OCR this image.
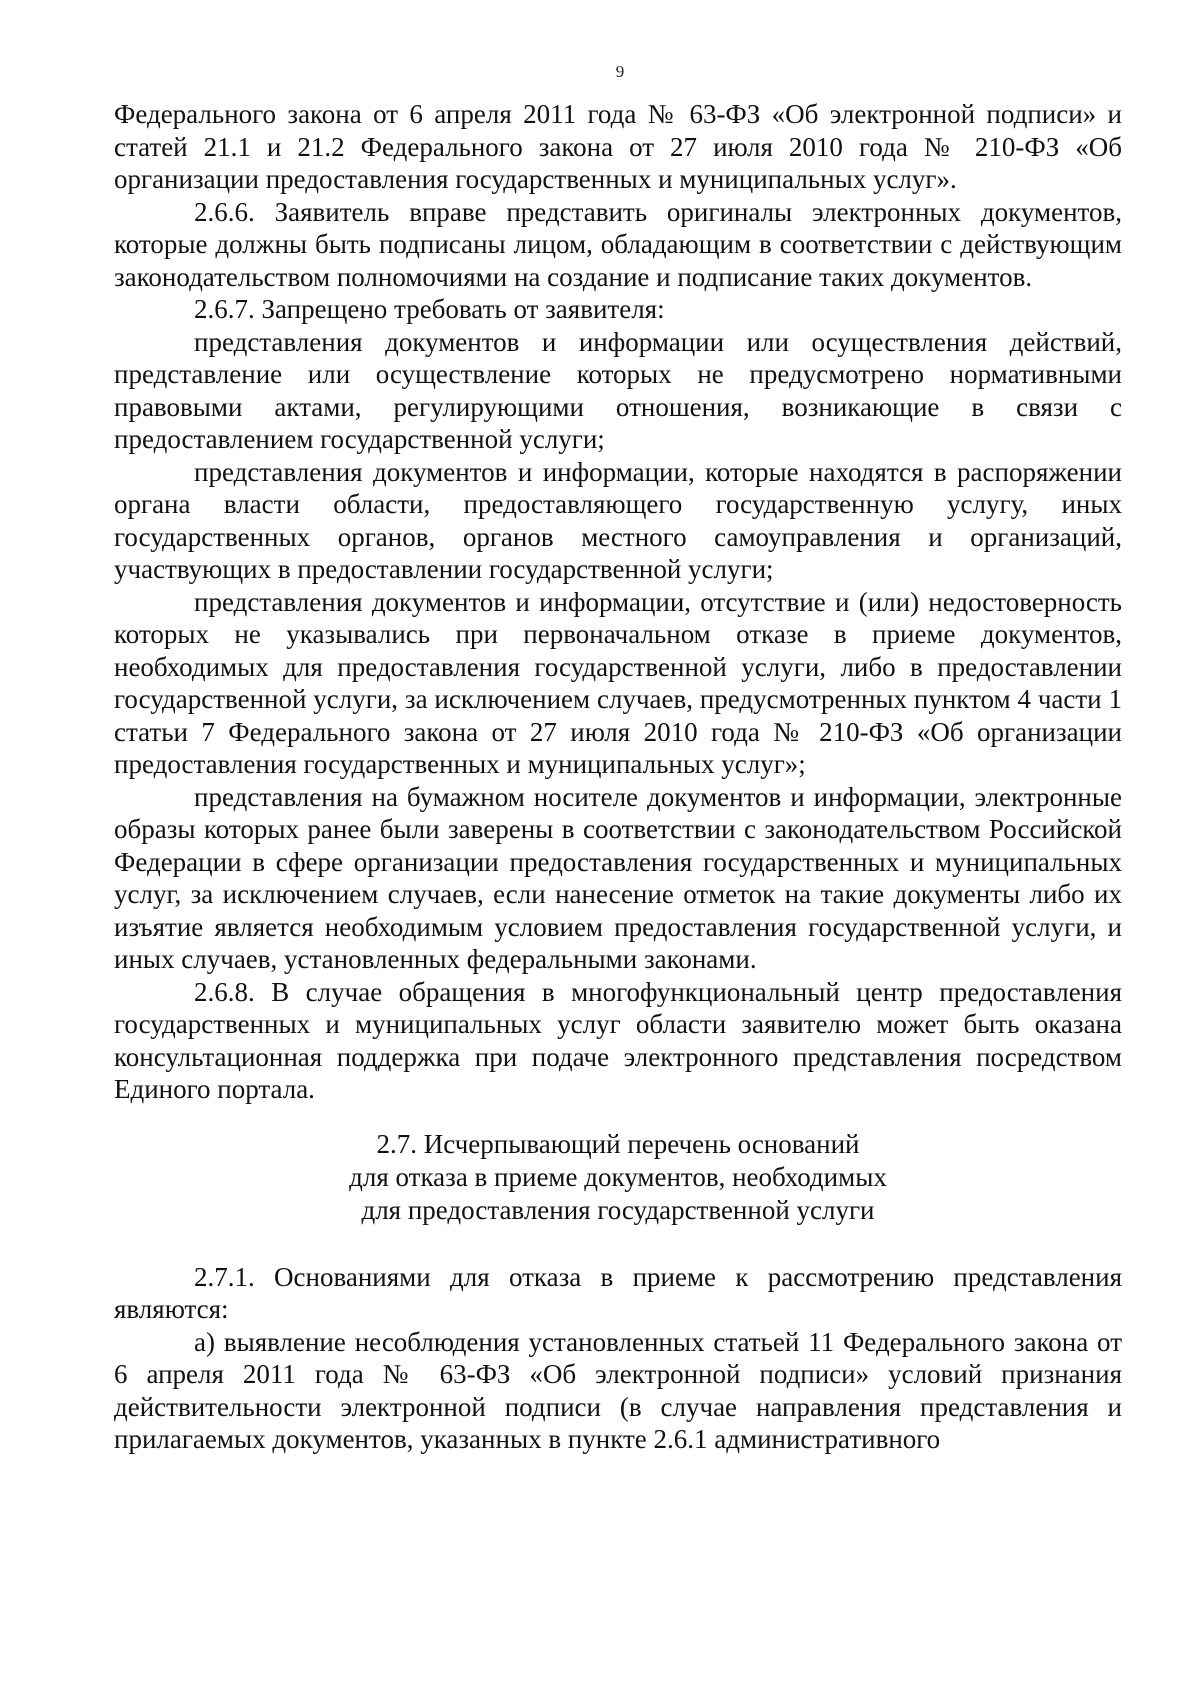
9

Федерального закона от 6 апреля 2011 года № 63-ФЗ «Об электронной подписи» и статей 21.1 и 21.2 Федерального закона от 27 июля 2010 года № 210-ФЗ «Об организации предоставления государственных и муниципальных услуг».

2.6.6. Заявитель вправе представить оригиналы электронных документов, которые должны быть подписаны лицом, обладающим в соответствии с действующим законодательством полномочиями на создание и подписание таких документов.

2.6.7. Запрещено требовать от заявителя:

представления документов и информации или осуществления действий, представление или осуществление которых не предусмотрено нормативными правовыми актами, регулирующими отношения, возникающие в связи с предоставлением государственной услуги;

представления документов и информации, которые находятся в распоряжении органа власти области, предоставляющего государственную услугу, иных государственных органов, органов местного самоуправления и организаций, участвующих в предоставлении государственной услуги;

представления документов и информации, отсутствие и (или) недостоверность которых не указывались при первоначальном отказе в приеме документов, необходимых для предоставления государственной услуги, либо в предоставлении государственной услуги, за исключением случаев, предусмотренных пунктом 4 части 1 статьи 7 Федерального закона от 27 июля 2010 года № 210-ФЗ «Об организации предоставления государственных и муниципальных услуг»;

представления на бумажном носителе документов и информации, электронные образы которых ранее были заверены в соответствии с законодательством Российской Федерации в сфере организации предоставления государственных и муниципальных услуг, за исключением случаев, если нанесение отметок на такие документы либо их изъятие является необходимым условием предоставления государственной услуги, и иных случаев, установленных федеральными законами.

2.6.8. В случае обращения в многофункциональный центр предоставления государственных и муниципальных услуг области заявителю может быть оказана консультационная поддержка при подаче электронного представления посредством Единого портала.

2.7. Исчерпывающий перечень оснований
для отказа в приеме документов, необходимых
для предоставления государственной услуги

2.7.1. Основаниями для отказа в приеме к рассмотрению представления являются:

а) выявление несоблюдения установленных статьей 11 Федерального закона от 6 апреля 2011 года № 63-ФЗ «Об электронной подписи» условий признания действительности электронной подписи (в случае направления представления и прилагаемых документов, указанных в пункте 2.6.1 административного
